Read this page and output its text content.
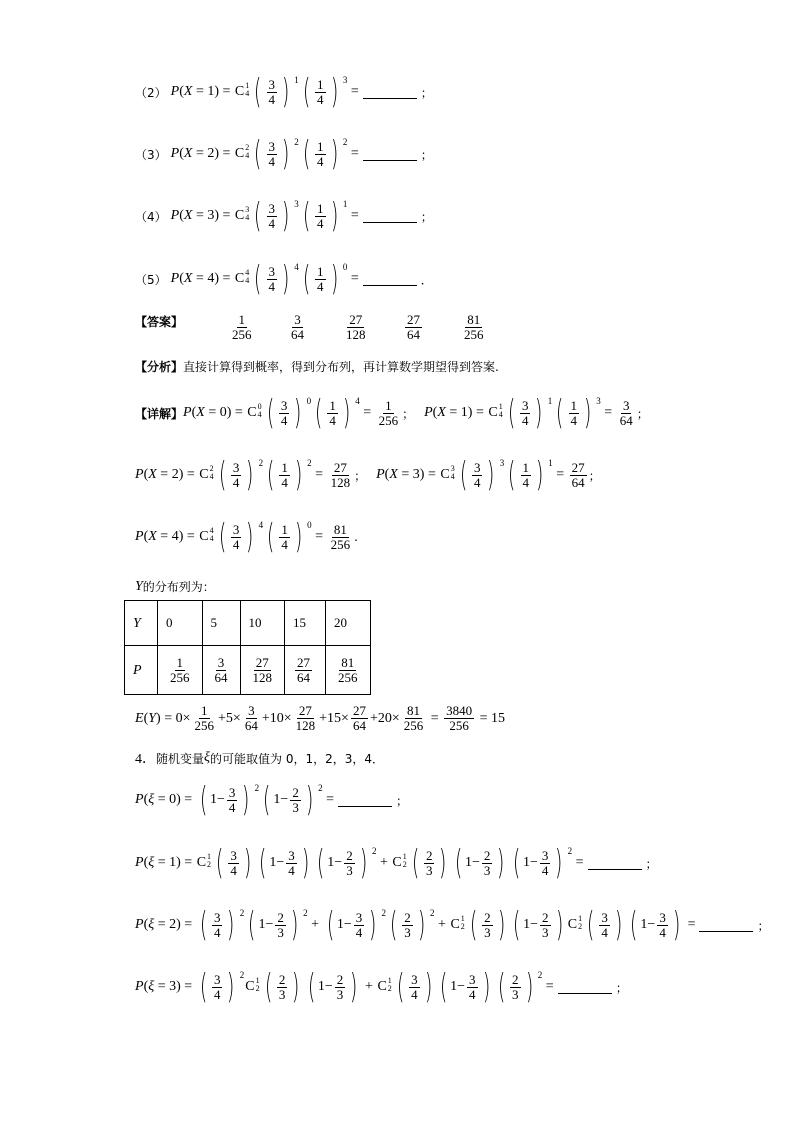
（2） P ( X = 1) = C 1
4 ( $\frac{3}{4}$ ) 1 ( $\frac{1}{4}$ ) 3
=	；
（3） P ( X = 2) = C 2
4 ( $\frac{3}{4}$ ) 2 ( $\frac{1}{4}$ ) 2
=	；
（4） P ( X = 3) = C 3
4 ( $\frac{3}{4}$ ) 3 ( $\frac{1}{4}$ ) 1
=	；
（5） P ( X = 4) = C 4
4 ( $\frac{3}{4}$ ) 4 ( $\frac{1}{4}$ ) 0
=	．
【答案】	$\frac{1}{256}$	$\frac{3}{64}$	$\frac{27}{128}$	$\frac{27}{64}$	$\frac{81}{256}$
【分析】 直接计算得到概率，得到分布列，再计算数学期望得到答案.
【详解】 P ( X = 0) = C 0
4 ( $\frac{3}{4}$ ) 0 ( $\frac{1}{4}$ ) 4
= $\frac{1}{256}$ ； P ( X = 1) = C 1
4 ( $\frac{3}{4}$ ) 1 ( $\frac{1}{4}$ ) 3
= $\frac{3}{64}$ ；
P ( X = 2) = C 2
4 ( $\frac{3}{4}$ ) 2 ( $\frac{1}{4}$ ) 2
= $\frac{27}{128}$ ； P ( X = 3) = C 3
4 ( $\frac{3}{4}$ ) 3 ( $\frac{1}{4}$ ) 1
= $\frac{27}{64}$ ；
P ( X = 4) = C 4
4 ( $\frac{3}{4}$ ) 4 ( $\frac{1}{4}$ ) 0
= $\frac{81}{256}$ .
Y 的分布列为：
Y	0	5	10	15	20
P	$\frac{1}{256}$	$\frac{3}{64}$	$\frac{27}{128}$	$\frac{27}{64}$	$\frac{81}{256}$
E ( Y ) = $0\times \frac{1}{256} + 5\times \frac{3}{64} + 10\times \frac{27}{128} + 15\times \frac{27}{64} + 20\times \frac{81}{256} = \frac{3840}{256} = 15$
4． 随机变量 ξ 的可能取值为 0，1，2，3，4．
P ( ξ = 0) = ( $1- \frac{3}{4}$ ) 2 ( $1- \frac{2}{3}$ ) 2
=	；
P ( ξ = 1) = C 1
2 ( $\frac{3}{4}$ ) ( $1- \frac{3}{4}$ ) ( $1- \frac{2}{3}$ ) 2
+ C 1
2 ( $\frac{2}{3}$ ) ( $1- \frac{2}{3}$ ) ( $1- \frac{3}{4}$ ) 2
=	；
P ( ξ = 2) = ( $\frac{3}{4}$ ) 2 ( $1- \frac{2}{3}$ ) 2
+ ( $1- \frac{3}{4}$ ) 2 ( $\frac{2}{3}$ ) 2
+ C 1
2 ( $\frac{2}{3}$ ) ( $1- \frac{2}{3}$ ) C 1
2 ( $\frac{3}{4}$ ) ( $1- \frac{3}{4}$ ) =	；
P ( ξ = 3) = ( $\frac{3}{4}$ ) 2
C 1
2 ( $\frac{2}{3}$ ) ( $1- \frac{2}{3}$ ) + C 1
2 ( $\frac{3}{4}$ ) ( $1- \frac{3}{4}$ ) ( $\frac{2}{3}$ ) 2
=	；
